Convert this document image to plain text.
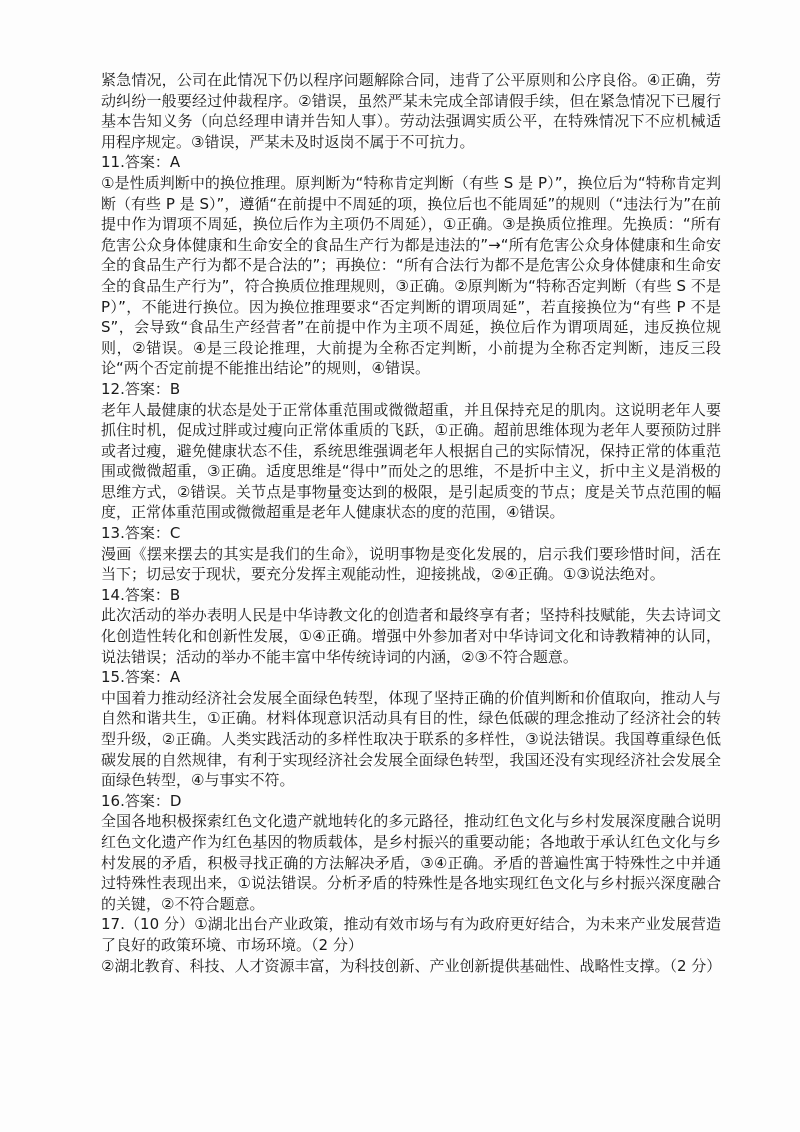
紧急情况，公司在此情况下仍以程序问题解除合同，违背了公平原则和公序良俗。④正确，劳动纠纷一般要经过仲裁程序。②错误，虽然严某未完成全部请假手续，但在紧急情况下已履行基本告知义务（向总经理申请并告知人事）。劳动法强调实质公平，在特殊情况下不应机械适用程序规定。③错误，严某未及时返岗不属于不可抗力。

11.答案：A

①是性质判断中的换位推理。原判断为“特称肯定判断（有些 S 是 P）”，换位后为“特称肯定判断（有些 P 是 S）”，遵循“在前提中不周延的项，换位后也不能周延”的规则（“违法行为”在前提中作为谓项不周延，换位后作为主项仍不周延），①正确。③是换质位推理。先换质：“所有危害公众身体健康和生命安全的食品生产行为都是违法的”→“所有危害公众身体健康和生命安全的食品生产行为都不是合法的”；再换位：“所有合法行为都不是危害公众身体健康和生命安全的食品生产行为”，符合换质位推理规则，③正确。②原判断为“特称否定判断（有些 S 不是 P）”，不能进行换位。因为换位推理要求“否定判断的谓项周延”，若直接换位为“有些 P 不是 S”，会导致“食品生产经营者”在前提中作为主项不周延，换位后作为谓项周延，违反换位规则，②错误。④是三段论推理，大前提为全称否定判断，小前提为全称否定判断，违反三段论“两个否定前提不能推出结论”的规则，④错误。

12.答案：B

老年人最健康的状态是处于正常体重范围或微微超重，并且保持充足的肌肉。这说明老年人要抓住时机，促成过胖或过瘦向正常体重质的飞跃，①正确。超前思维体现为老年人要预防过胖或者过瘦，避免健康状态不佳，系统思维强调老年人根据自己的实际情况，保持正常的体重范围或微微超重，③正确。适度思维是“得中”而处之的思维，不是折中主义，折中主义是消极的思维方式，②错误。关节点是事物量变达到的极限，是引起质变的节点；度是关节点范围的幅度，正常体重范围或微微超重是老年人健康状态的度的范围，④错误。

13.答案：C

漫画《摆来摆去的其实是我们的生命》，说明事物是变化发展的，启示我们要珍惜时间，活在当下；切忌安于现状，要充分发挥主观能动性，迎接挑战，②④正确。①③说法绝对。

14.答案：B

此次活动的举办表明人民是中华诗教文化的创造者和最终享有者；坚持科技赋能，失去诗词文化创造性转化和创新性发展，①④正确。增强中外参加者对中华诗词文化和诗教精神的认同，说法错误；活动的举办不能丰富中华传统诗词的内涵，②③不符合题意。

15.答案：A

中国着力推动经济社会发展全面绿色转型，体现了坚持正确的价值判断和价值取向，推动人与自然和谐共生，①正确。材料体现意识活动具有目的性，绿色低碳的理念推动了经济社会的转型升级，②正确。人类实践活动的多样性取决于联系的多样性，③说法错误。我国尊重绿色低碳发展的自然规律，有利于实现经济社会发展全面绿色转型，我国还没有实现经济社会发展全面绿色转型，④与事实不符。

16.答案：D

全国各地积极探索红色文化遗产就地转化的多元路径，推动红色文化与乡村发展深度融合说明红色文化遗产作为红色基因的物质载体，是乡村振兴的重要动能；各地敢于承认红色文化与乡村发展的矛盾，积极寻找正确的方法解决矛盾，③④正确。矛盾的普遍性寓于特殊性之中并通过特殊性表现出来，①说法错误。分析矛盾的特殊性是各地实现红色文化与乡村振兴深度融合的关键，②不符合题意。

17.（10 分）①湖北出台产业政策，推动有效市场与有为政府更好结合，为未来产业发展营造了良好的政策环境、市场环境。（2 分）

②湖北教育、科技、人才资源丰富，为科技创新、产业创新提供基础性、战略性支撑。（2 分）
